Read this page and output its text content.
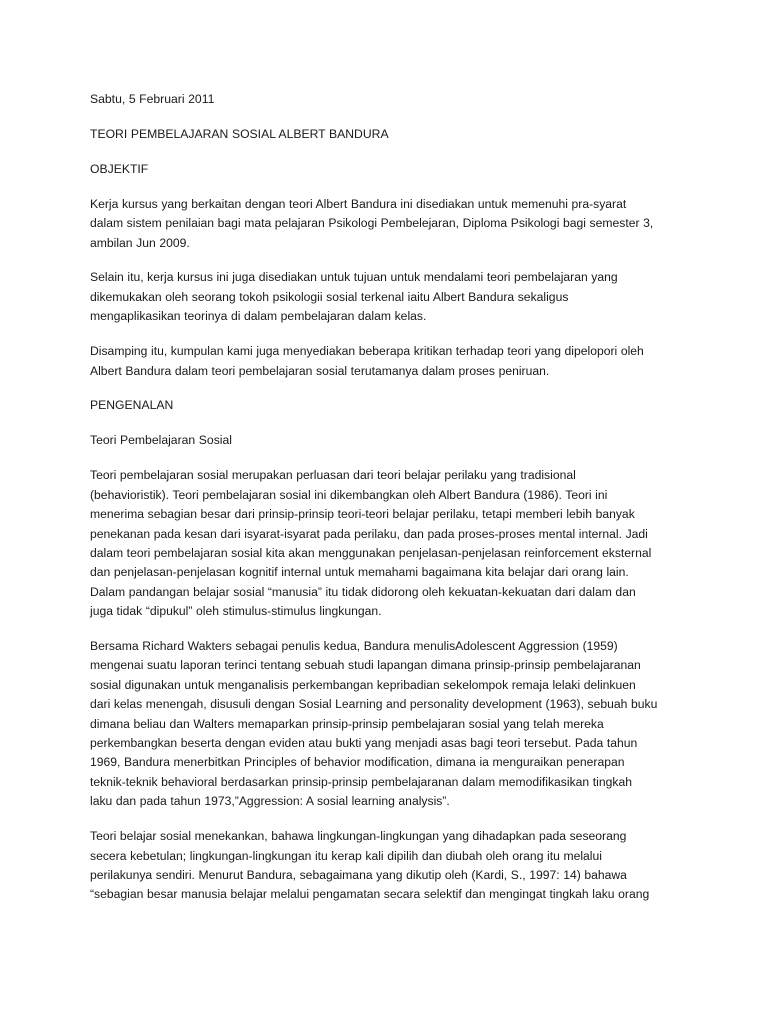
Sabtu, 5 Februari 2011

TEORI PEMBELAJARAN SOSIAL ALBERT BANDURA

OBJEKTIF

Kerja kursus yang berkaitan dengan teori Albert Bandura ini disediakan untuk memenuhi pra-syarat
dalam sistem penilaian bagi mata pelajaran Psikologi Pembelejaran, Diploma Psikologi bagi semester 3,
ambilan Jun 2009.

Selain itu, kerja kursus ini juga disediakan untuk tujuan untuk mendalami teori pembelajaran yang
dikemukakan oleh seorang tokoh psikologii sosial terkenal iaitu Albert Bandura sekaligus
mengaplikasikan teorinya di dalam pembelajaran dalam kelas.

Disamping itu, kumpulan kami juga menyediakan beberapa kritikan terhadap teori yang dipelopori oleh
Albert Bandura dalam teori pembelajaran sosial terutamanya dalam proses peniruan.

PENGENALAN

Teori Pembelajaran Sosial

Teori pembelajaran sosial merupakan perluasan dari teori belajar perilaku yang tradisional
(behavioristik). Teori pembelajaran sosial ini dikembangkan oleh Albert Bandura (1986). Teori ini
menerima sebagian besar dari prinsip-prinsip teori-teori belajar perilaku, tetapi memberi lebih banyak
penekanan pada kesan dari isyarat-isyarat pada perilaku, dan pada proses-proses mental internal. Jadi
dalam teori pembelajaran sosial kita akan menggunakan penjelasan-penjelasan reinforcement eksternal
dan penjelasan-penjelasan kognitif internal untuk memahami bagaimana kita belajar dari orang lain.
Dalam pandangan belajar sosial “manusia” itu tidak didorong oleh kekuatan-kekuatan dari dalam dan
juga tidak “dipukul” oleh stimulus-stimulus lingkungan.

Bersama Richard Wakters sebagai penulis kedua, Bandura menulisAdolescent Aggression (1959)
mengenai suatu laporan terinci tentang sebuah studi lapangan dimana prinsip-prinsip pembelajaranan
sosial digunakan untuk menganalisis perkembangan kepribadian sekelompok remaja lelaki delinkuen
dari kelas menengah, disusuli dengan Sosial Learning and personality development (1963), sebuah buku
dimana beliau dan Walters memaparkan prinsip-prinsip pembelajaran sosial yang telah mereka
perkembangkan beserta dengan eviden atau bukti yang menjadi asas bagi teori tersebut. Pada tahun
1969, Bandura menerbitkan Principles of behavior modification, dimana ia menguraikan penerapan
teknik-teknik behavioral berdasarkan prinsip-prinsip pembelajaranan dalam memodifikasikan tingkah
laku dan pada tahun 1973,”Aggression: A sosial learning analysis”.

Teori belajar sosial menekankan, bahawa lingkungan-lingkungan yang dihadapkan pada seseorang
secera kebetulan; lingkungan-lingkungan itu kerap kali dipilih dan diubah oleh orang itu melalui
perilakunya sendiri. Menurut Bandura, sebagaimana yang dikutip oleh (Kardi, S., 1997: 14) bahawa
“sebagian besar manusia belajar melalui pengamatan secara selektif dan mengingat tingkah laku orang
